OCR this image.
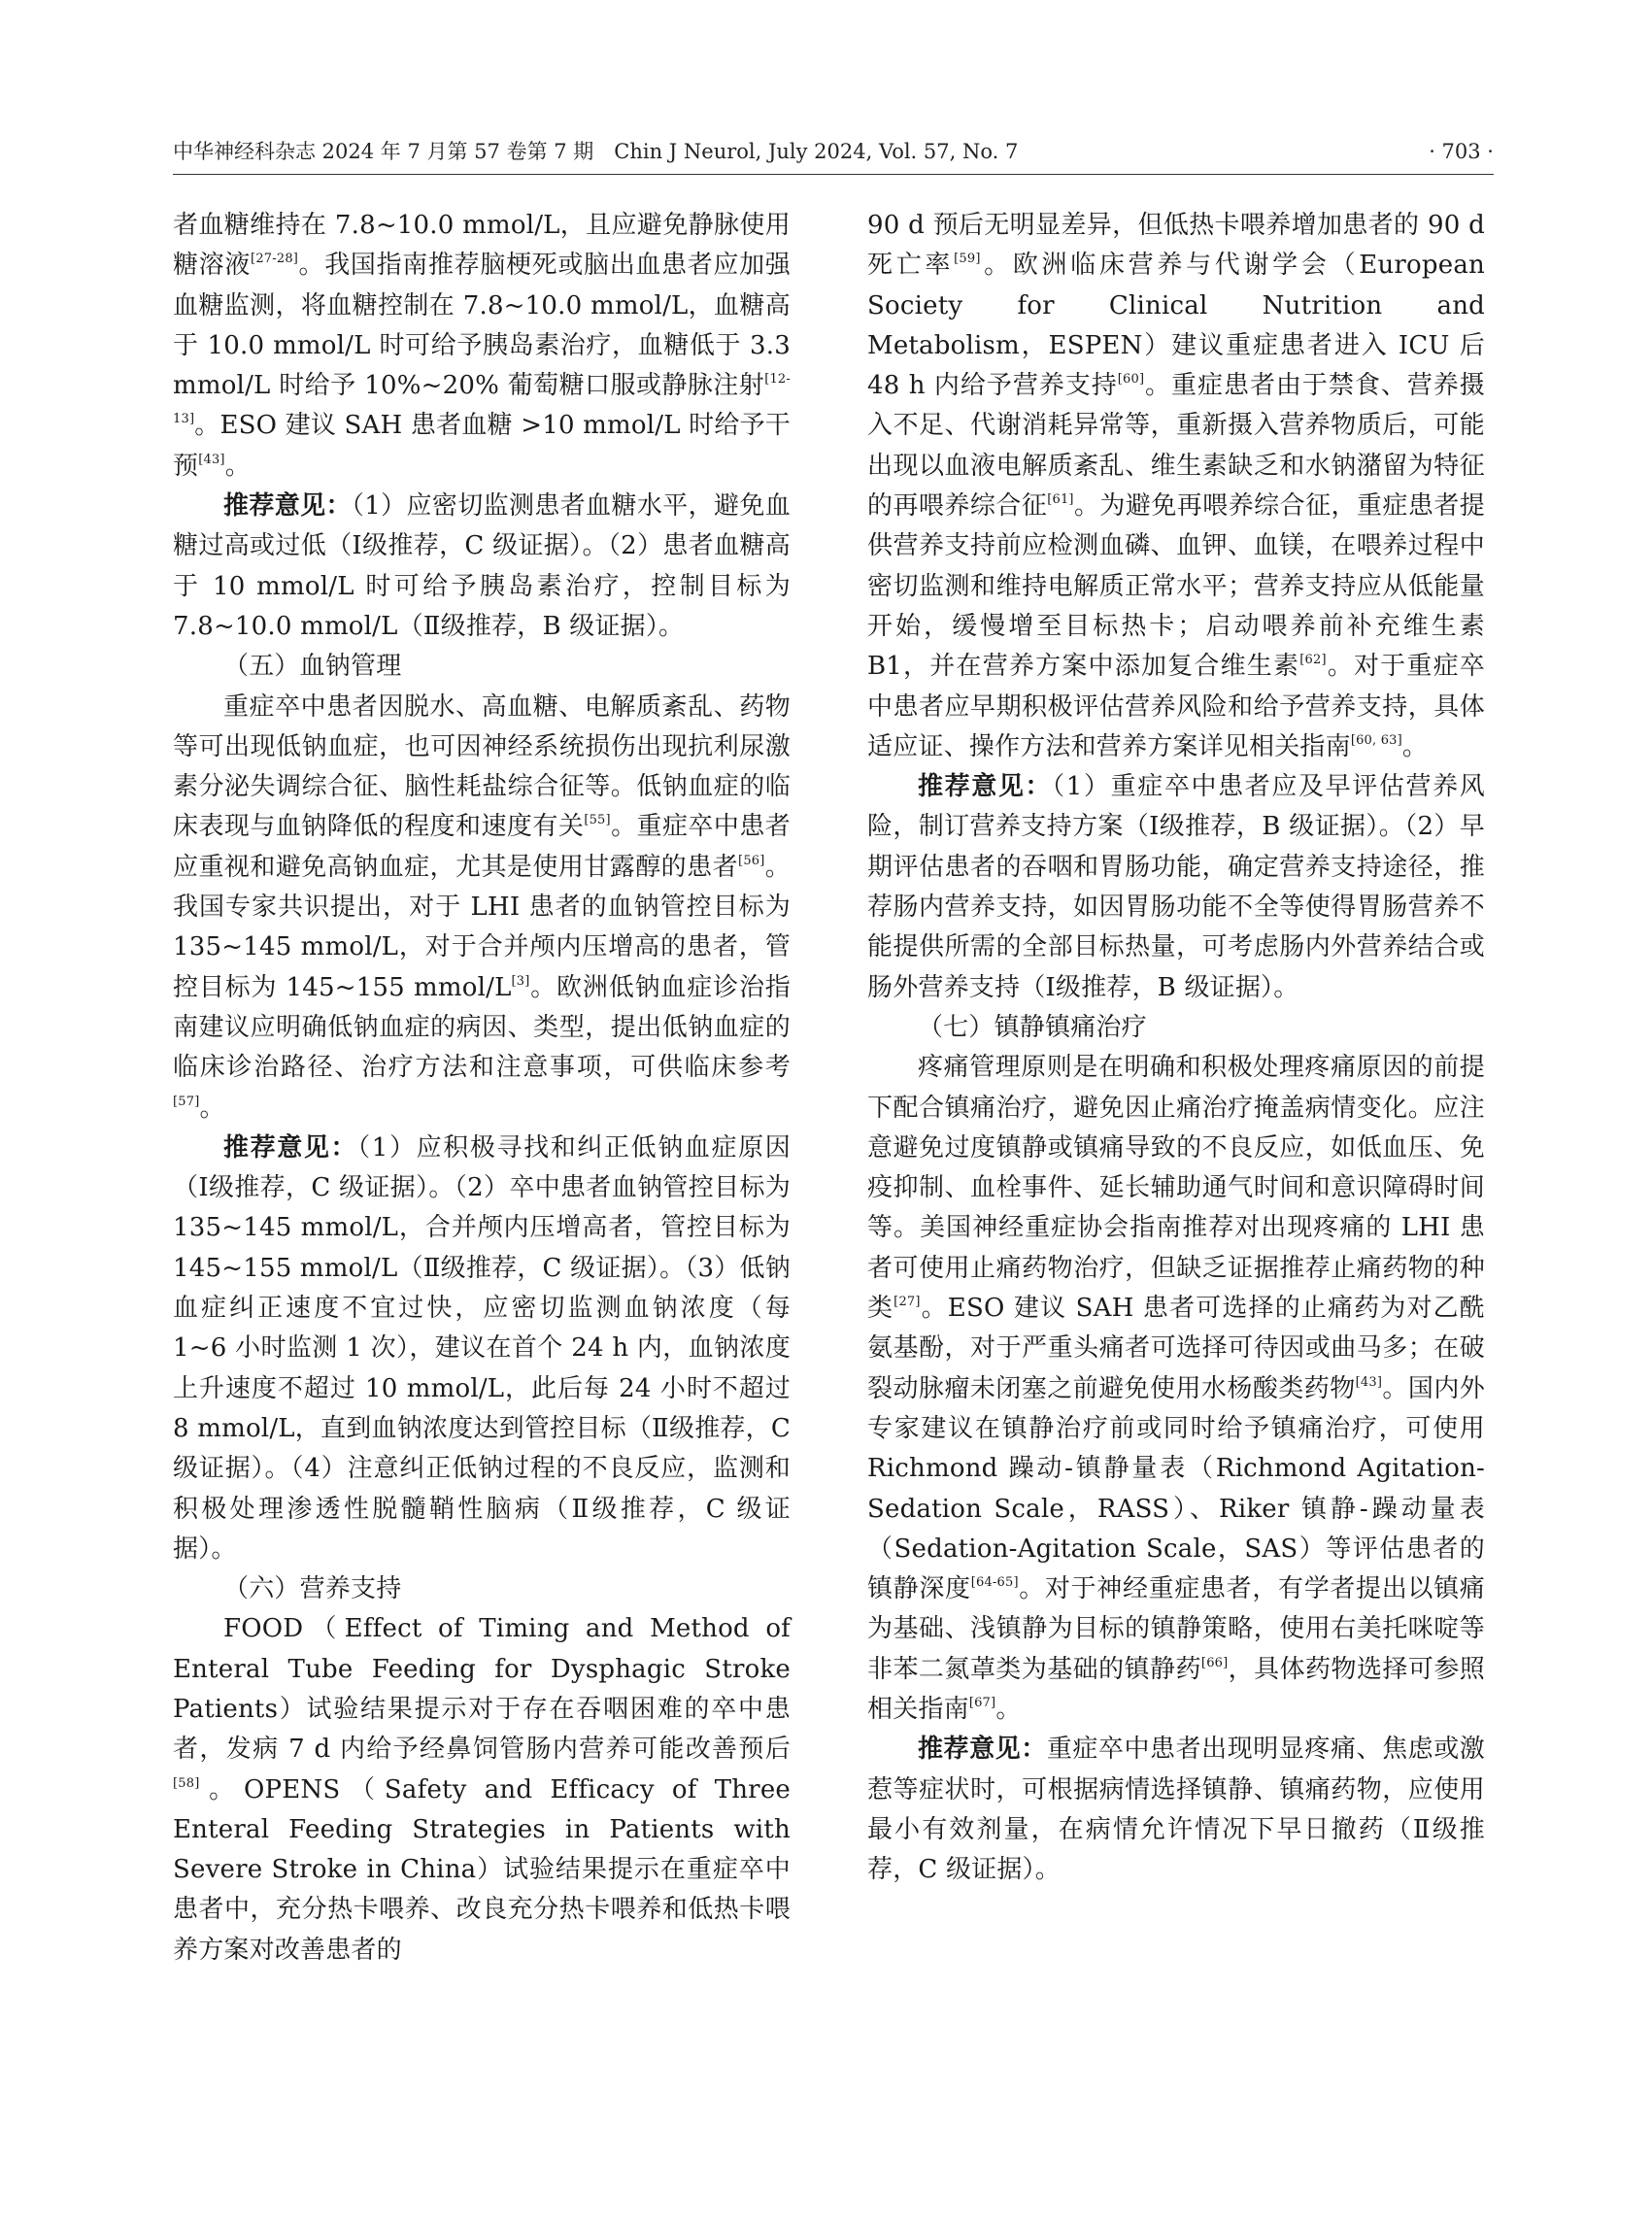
中华神经科杂志 2024 年 7 月第 57 卷第 7 期　Chin J Neurol, July 2024, Vol. 57, No. 7	· 703 ·

者血糖维持在 7.8~10.0 mmol/L，且应避免静脉使用糖溶液[27-28]。我国指南推荐脑梗死或脑出血患者应加强血糖监测，将血糖控制在 7.8~10.0 mmol/L，血糖高于 10.0 mmol/L 时可给予胰岛素治疗，血糖低于 3.3 mmol/L 时给予 10%~20% 葡萄糖口服或静脉注射[12-13]。ESO 建议 SAH 患者血糖 >10 mmol/L 时给予干预[43]。

推荐意见：（1）应密切监测患者血糖水平，避免血糖过高或过低（Ⅰ级推荐，C 级证据）。（2）患者血糖高于 10 mmol/L 时可给予胰岛素治疗，控制目标为 7.8~10.0 mmol/L（Ⅱ级推荐，B 级证据）。

（五）血钠管理

重症卒中患者因脱水、高血糖、电解质紊乱、药物等可出现低钠血症，也可因神经系统损伤出现抗利尿激素分泌失调综合征、脑性耗盐综合征等。低钠血症的临床表现与血钠降低的程度和速度有关[55]。重症卒中患者应重视和避免高钠血症，尤其是使用甘露醇的患者[56]。我国专家共识提出，对于 LHI 患者的血钠管控目标为 135~145 mmol/L，对于合并颅内压增高的患者，管控目标为 145~155 mmol/L[3]。欧洲低钠血症诊治指南建议应明确低钠血症的病因、类型，提出低钠血症的临床诊治路径、治疗方法和注意事项，可供临床参考[57]。

推荐意见：（1）应积极寻找和纠正低钠血症原因（Ⅰ级推荐，C 级证据）。（2）卒中患者血钠管控目标为 135~145 mmol/L，合并颅内压增高者，管控目标为 145~155 mmol/L（Ⅱ级推荐，C 级证据）。（3）低钠血症纠正速度不宜过快，应密切监测血钠浓度（每 1~6 小时监测 1 次），建议在首个 24 h 内，血钠浓度上升速度不超过 10 mmol/L，此后每 24 小时不超过 8 mmol/L，直到血钠浓度达到管控目标（Ⅱ级推荐，C 级证据）。（4）注意纠正低钠过程的不良反应，监测和积极处理渗透性脱髓鞘性脑病（Ⅱ级推荐，C 级证据）。

（六）营养支持

FOOD（Effect of Timing and Method of Enteral Tube Feeding for Dysphagic Stroke Patients）试验结果提示对于存在吞咽困难的卒中患者，发病 7 d 内给予经鼻饲管肠内营养可能改善预后[58]。OPENS（Safety and Efficacy of Three Enteral Feeding Strategies in Patients with Severe Stroke in China）试验结果提示在重症卒中患者中，充分热卡喂养、改良充分热卡喂养和低热卡喂养方案对改善患者的

90 d 预后无明显差异，但低热卡喂养增加患者的 90 d 死亡率[59]。欧洲临床营养与代谢学会（European Society for Clinical Nutrition and Metabolism，ESPEN）建议重症患者进入 ICU 后 48 h 内给予营养支持[60]。重症患者由于禁食、营养摄入不足、代谢消耗异常等，重新摄入营养物质后，可能出现以血液电解质紊乱、维生素缺乏和水钠潴留为特征的再喂养综合征[61]。为避免再喂养综合征，重症患者提供营养支持前应检测血磷、血钾、血镁，在喂养过程中密切监测和维持电解质正常水平；营养支持应从低能量开始，缓慢增至目标热卡；启动喂养前补充维生素 B1，并在营养方案中添加复合维生素[62]。对于重症卒中患者应早期积极评估营养风险和给予营养支持，具体适应证、操作方法和营养方案详见相关指南[60, 63]。

推荐意见：（1）重症卒中患者应及早评估营养风险，制订营养支持方案（Ⅰ级推荐，B 级证据）。（2）早期评估患者的吞咽和胃肠功能，确定营养支持途径，推荐肠内营养支持，如因胃肠功能不全等使得胃肠营养不能提供所需的全部目标热量，可考虑肠内外营养结合或肠外营养支持（Ⅰ级推荐，B 级证据）。

（七）镇静镇痛治疗

疼痛管理原则是在明确和积极处理疼痛原因的前提下配合镇痛治疗，避免因止痛治疗掩盖病情变化。应注意避免过度镇静或镇痛导致的不良反应，如低血压、免疫抑制、血栓事件、延长辅助通气时间和意识障碍时间等。美国神经重症协会指南推荐对出现疼痛的 LHI 患者可使用止痛药物治疗，但缺乏证据推荐止痛药物的种类[27]。ESO 建议 SAH 患者可选择的止痛药为对乙酰氨基酚，对于严重头痛者可选择可待因或曲马多；在破裂动脉瘤未闭塞之前避免使用水杨酸类药物[43]。国内外专家建议在镇静治疗前或同时给予镇痛治疗，可使用 Richmond 躁动-镇静量表（Richmond Agitation-Sedation Scale，RASS）、Riker 镇静-躁动量表（Sedation-Agitation Scale，SAS）等评估患者的镇静深度[64-65]。对于神经重症患者，有学者提出以镇痛为基础、浅镇静为目标的镇静策略，使用右美托咪啶等非苯二氮䓬类为基础的镇静药[66]，具体药物选择可参照相关指南[67]。

推荐意见：重症卒中患者出现明显疼痛、焦虑或激惹等症状时，可根据病情选择镇静、镇痛药物，应使用最小有效剂量，在病情允许情况下早日撤药（Ⅱ级推荐，C 级证据）。
